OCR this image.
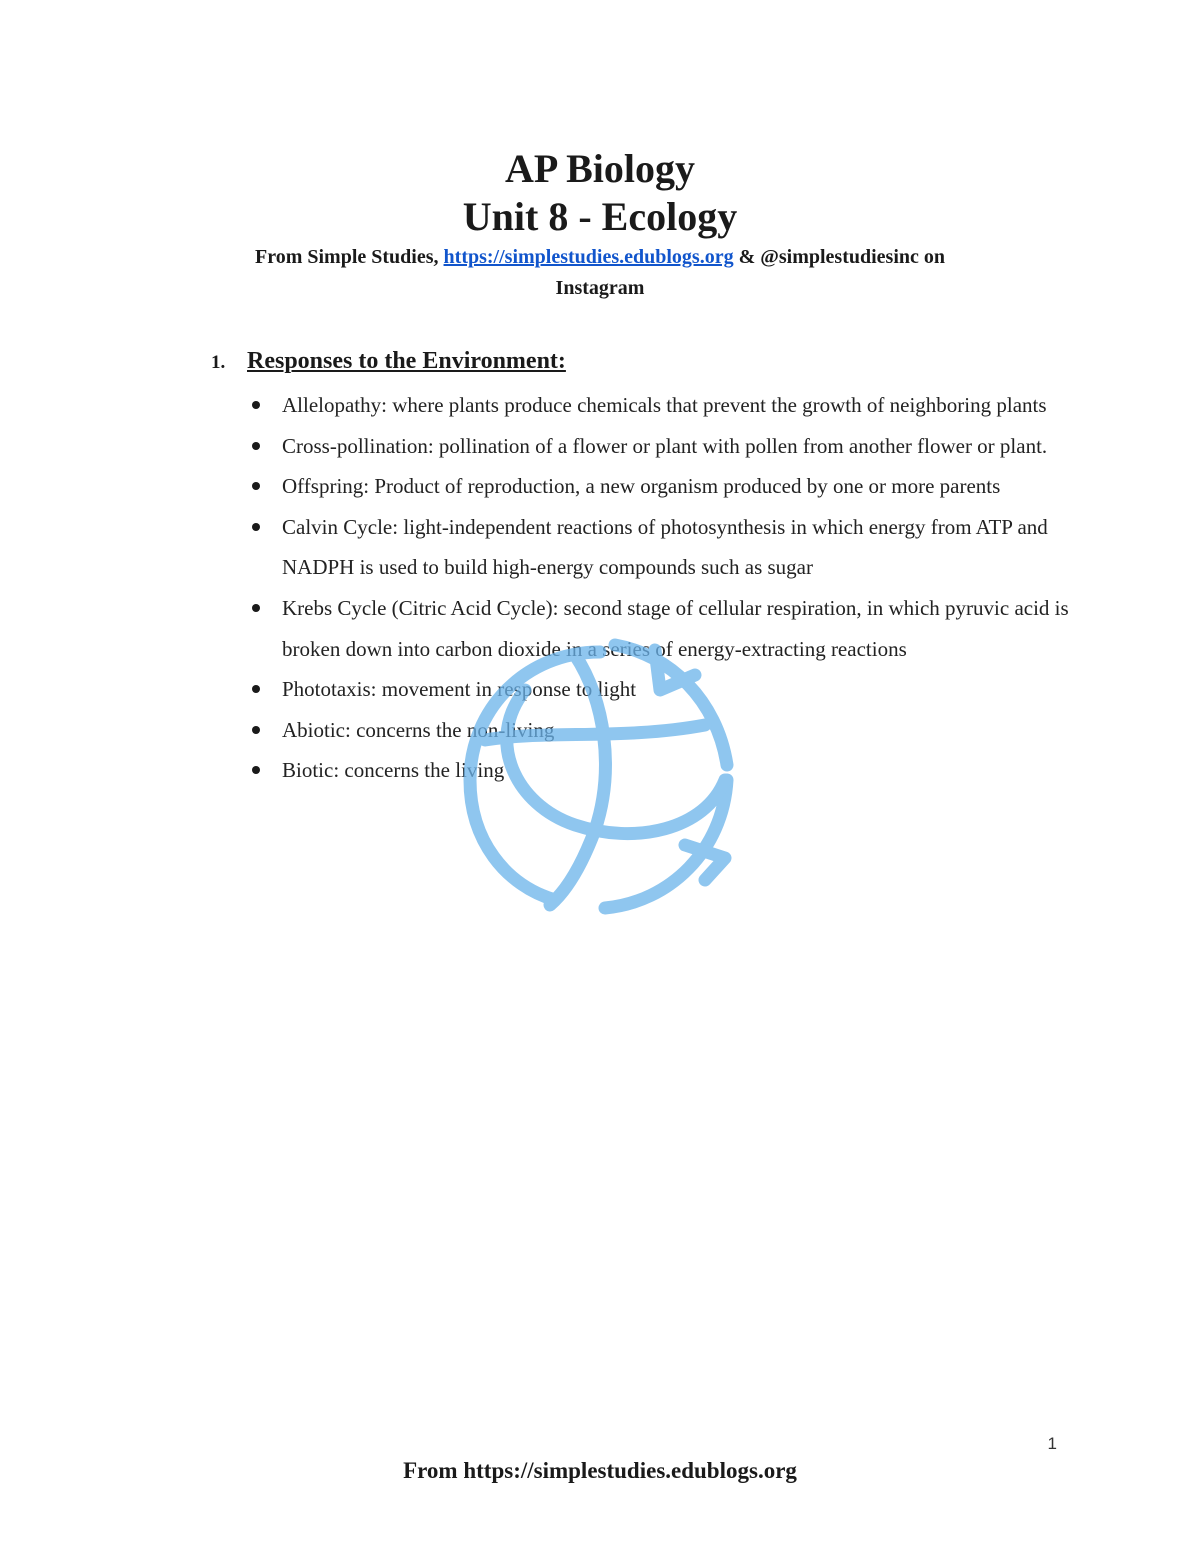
AP Biology
Unit 8 - Ecology

From Simple Studies, https://simplestudies.edublogs.org & @simplestudiesinc on
Instagram

1. Responses to the Environment:
Allelopathy: where plants produce chemicals that prevent the growth of neighboring plants
Cross-pollination: pollination of a flower or plant with pollen from another flower or plant.
Offspring: Product of reproduction, a new organism produced by one or more parents
Calvin Cycle: light-independent reactions of photosynthesis in which energy from ATP and NADPH is used to build high-energy compounds such as sugar
Krebs Cycle (Citric Acid Cycle): second stage of cellular respiration, in which pyruvic acid is broken down into carbon dioxide in a series of energy-extracting reactions
Phototaxis: movement in response to light
Abiotic: concerns the non-living
Biotic: concerns the living
1
From https://simplestudies.edublogs.org
